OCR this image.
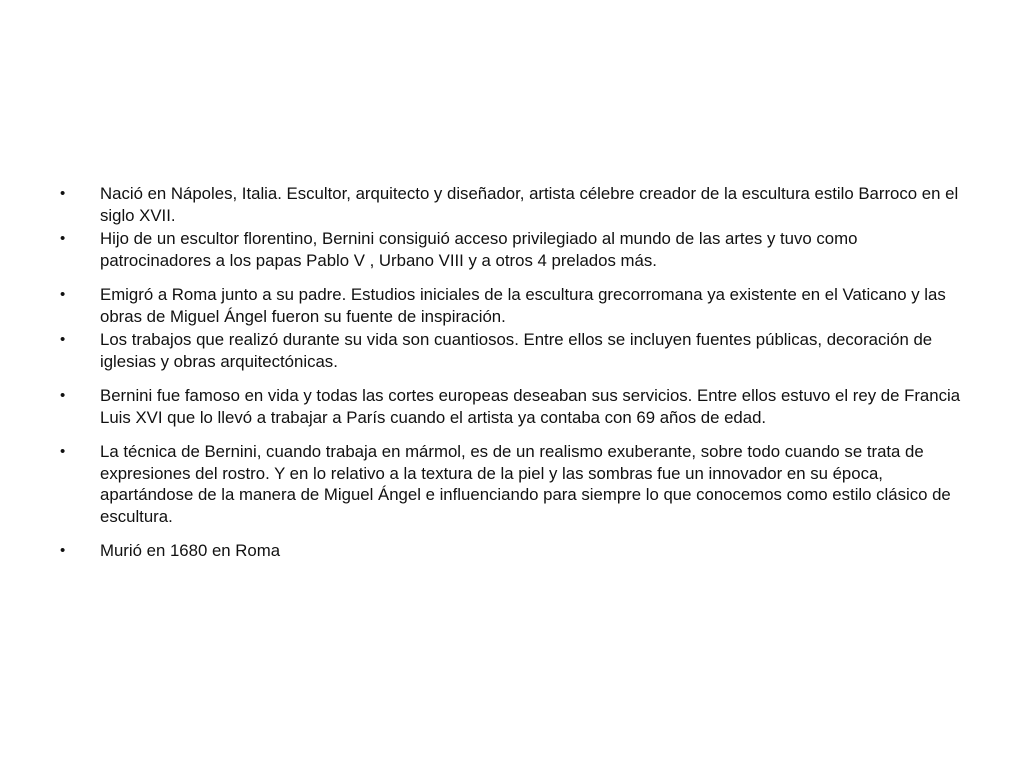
•	Nació en Nápoles, Italia. Escultor, arquitecto y diseñador, artista célebre creador de la escultura estilo Barroco en el siglo XVII.
•	Hijo de un escultor florentino, Bernini consiguió acceso privilegiado al mundo de las artes y tuvo como patrocinadores a los papas Pablo V , Urbano VIII y a otros 4 prelados más.
•	Emigró a Roma junto a su padre. Estudios iniciales de la escultura grecorromana ya existente en el Vaticano y las obras de Miguel Ángel fueron su fuente de inspiración.
•	Los trabajos que realizó durante su vida son cuantiosos. Entre ellos se incluyen fuentes públicas, decoración de iglesias y obras arquitectónicas.
•	Bernini fue famoso en vida y todas las cortes europeas deseaban sus servicios. Entre ellos estuvo el rey de Francia Luis XVI que lo llevó a trabajar a París cuando el artista ya contaba con 69 años de edad.
•	La técnica de Bernini, cuando trabaja en mármol, es de un realismo exuberante, sobre todo cuando se trata de expresiones del rostro. Y en lo relativo a la textura de la piel y las sombras fue un innovador en su época, apartándose de la manera de Miguel Ángel e influenciando para siempre lo que conocemos como estilo clásico de escultura.
•	Murió en 1680 en Roma
